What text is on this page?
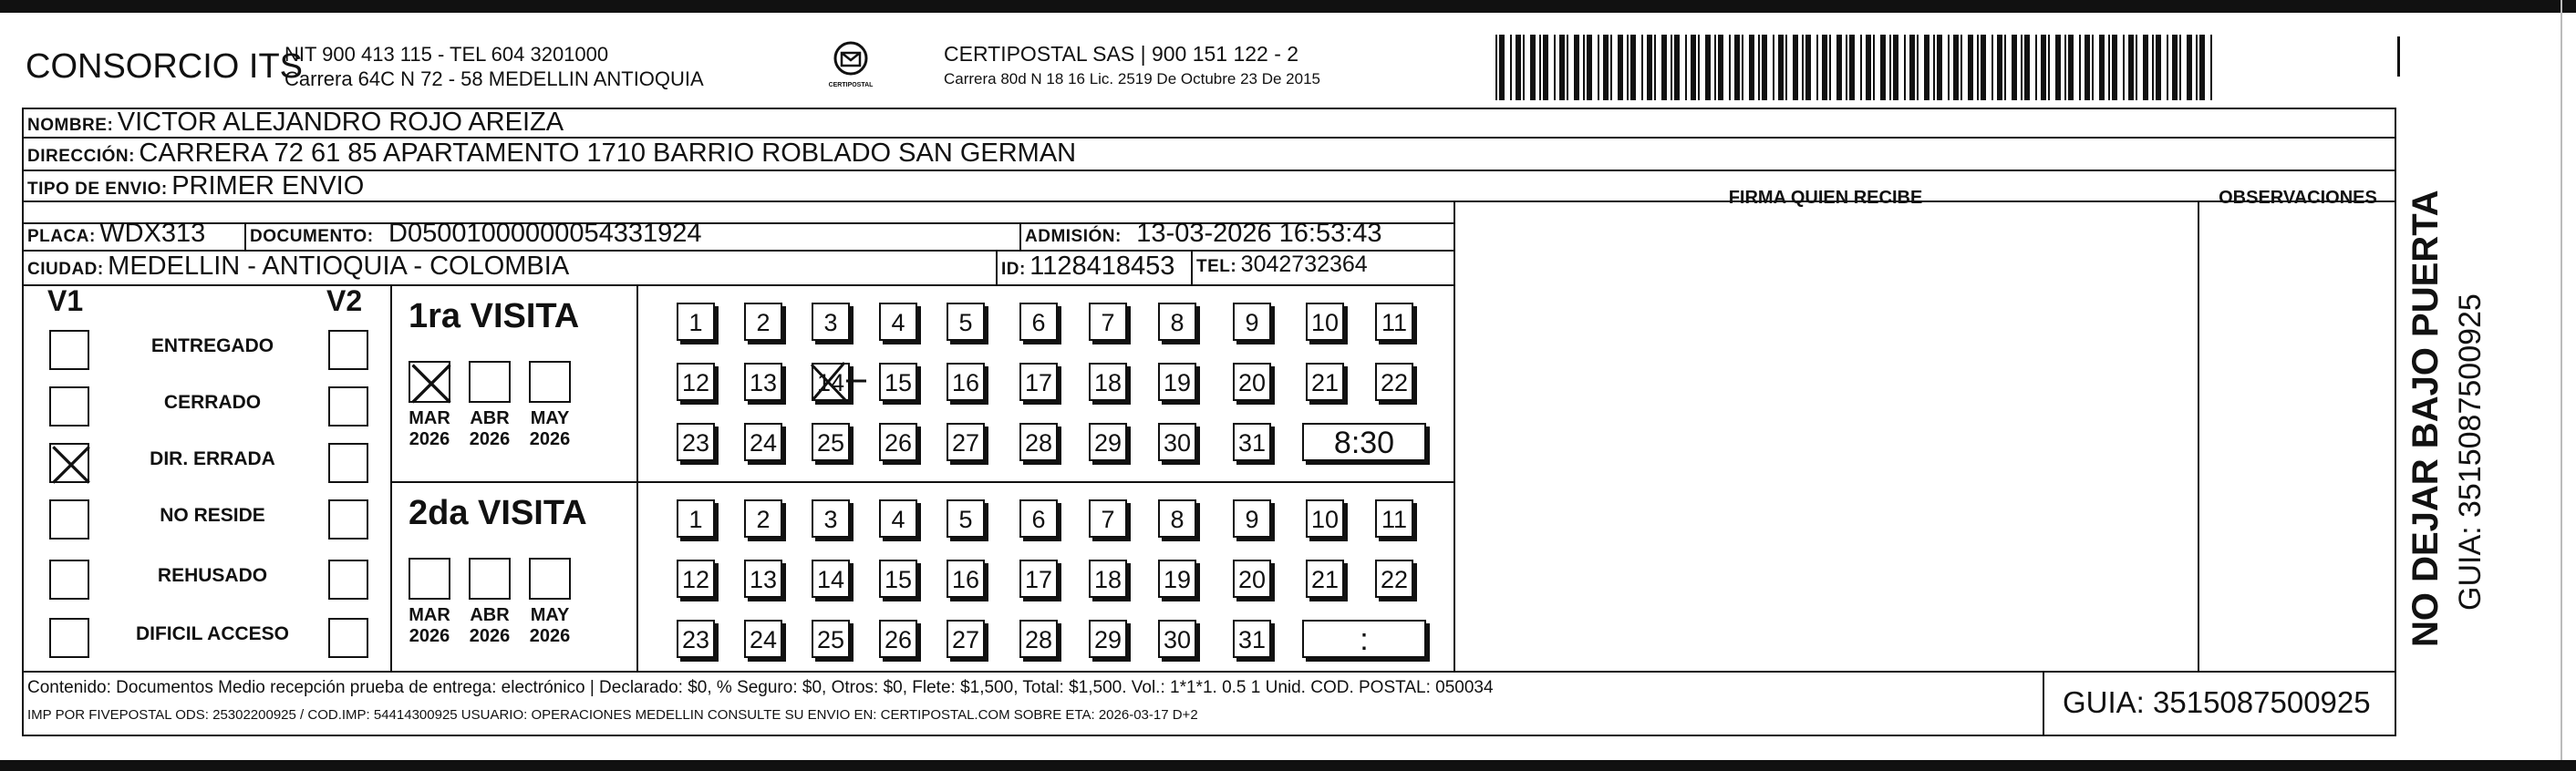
CONSORCIO ITS
NIT 900 413 115 - TEL 604 3201000
Carrera 64C N 72 - 58 MEDELLIN ANTIOQUIA	CERTIPOSTAL
CERTIPOSTAL SAS | 900 151 122 - 2
Carrera 80d N 18 16 Lic. 2519 De Octubre 23 De 2015
NOMBRE: VICTOR ALEJANDRO ROJO AREIZA
DIRECCIÓN: CARRERA 72 61 85 APARTAMENTO 1710 BARRIO ROBLADO SAN GERMAN
TIPO DE ENVIO: PRIMER ENVIO	FIRMA QUIEN RECIBE	OBSERVACIONES
PLACA: WDX313	DOCUMENTO: D05001000000054331924	ADMISIÓN: 13-03-2026 16:53:43
CIUDAD: MEDELLIN - ANTIOQUIA - COLOMBIA	ID: 1128418453 TEL: 3042732364
V1	V2
ENTREGADO
CERRADO
DIR. ERRADA
NO RESIDE
REHUSADO
DIFICIL ACCESO
1ra VISITA
MAR
2026
ABR
2026
MAY
2026
1	2	3	4	5	6	7	8	9	10 11
12 13 14 15 16 17 18 19 20 21 22
23 24 25 26 27 28 29 30 31	8:30
2da VISITA
MAR
2026
ABR
2026
MAY
2026
1	2	3	4	5	6	7	8	9	10 11
12 13 14 15 16 17 18 19 20 21 22
23 24 25 26 27 28 29 30 31	:
Contenido: Documentos Medio recepción prueba de entrega: electrónico | Declarado: $0, % Seguro: $0, Otros: $0, Flete: $1,500, Total: $1,500. Vol.: 1*1*1. 0.5 1 Unid. COD. POSTAL: 050034
IMP POR FIVEPOSTAL ODS: 25302200925 / COD.IMP: 54414300925 USUARIO: OPERACIONES MEDELLIN CONSULTE SU ENVIO EN: CERTIPOSTAL.COM SOBRE ETA: 2026-03-17 D+2	GUIA: 3515087500925
NO DEJAR BAJO PUERTA GUIA: 3515087500925
